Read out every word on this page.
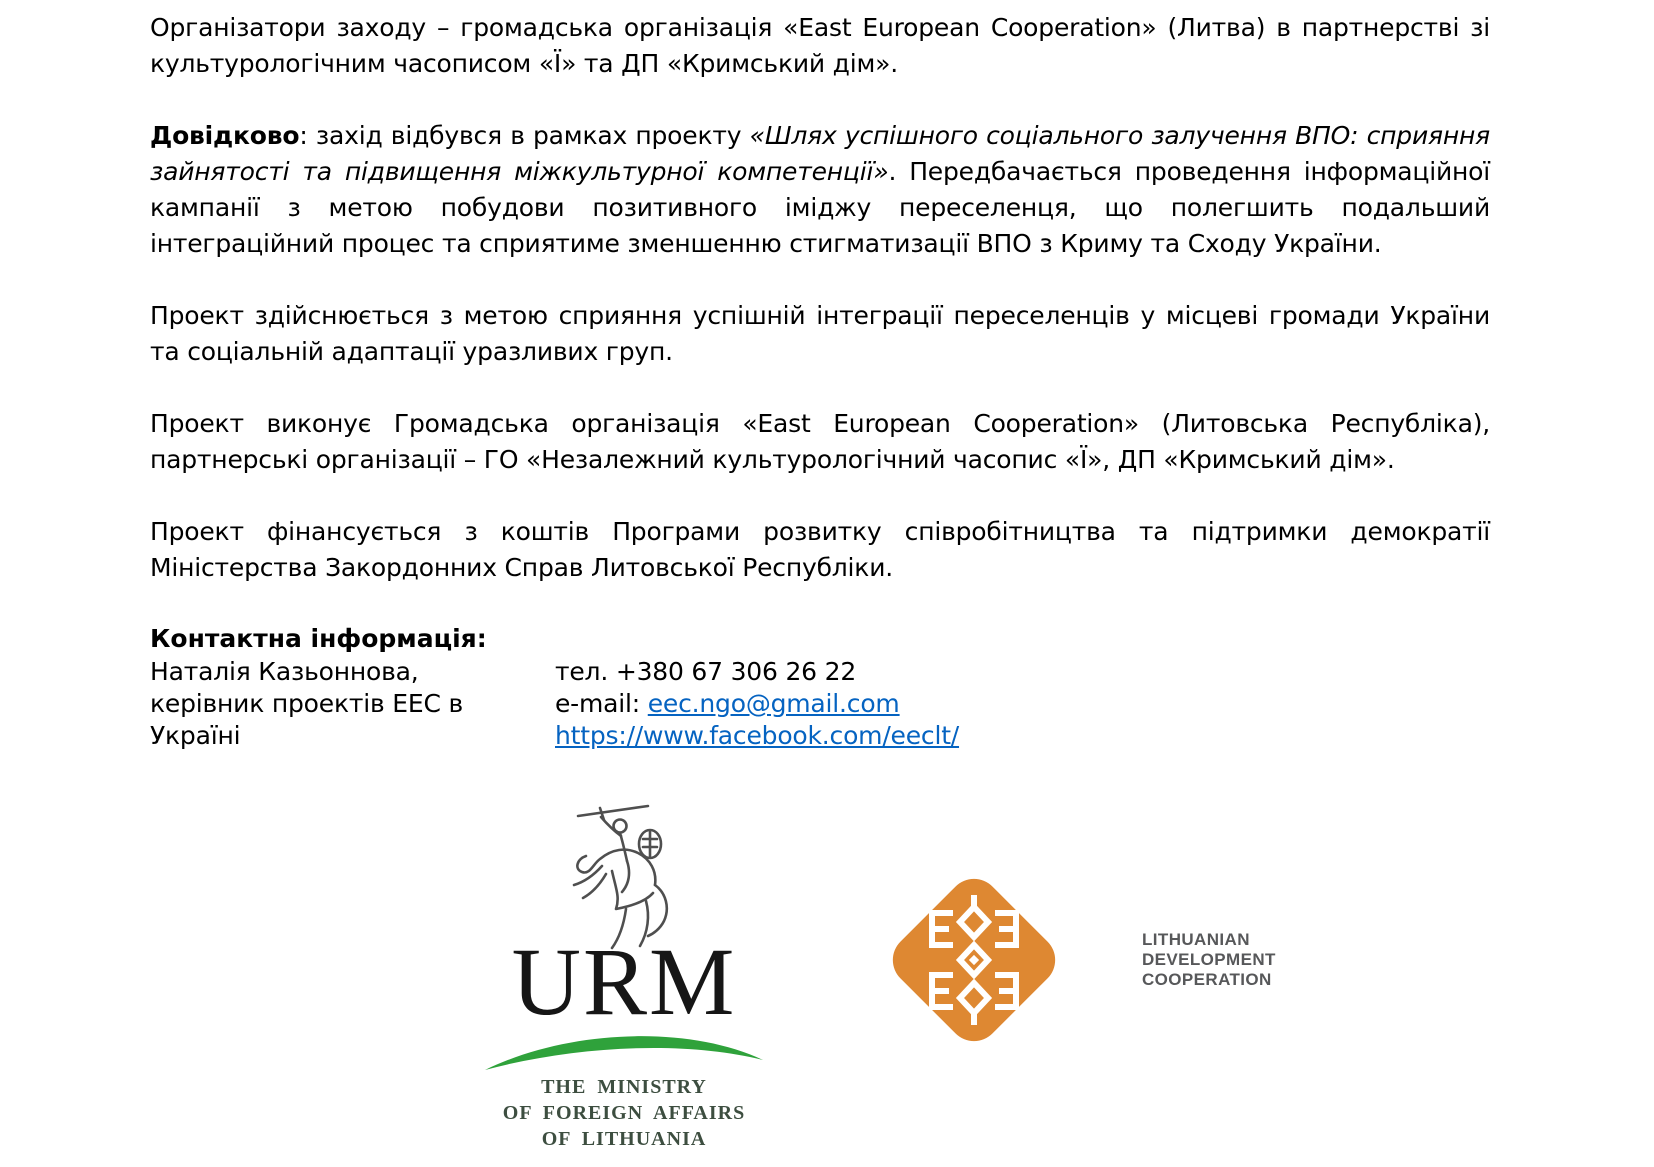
Організатори заходу – громадська організація «East European Cooperation» (Литва) в партнерстві зі культурологічним часописом «Ї» та ДП «Кримський дім».

Довідково: захід відбувся в рамках проекту «Шлях успішного соціального залучення ВПО: сприяння зайнятості та підвищення міжкультурної компетенції». Передбачається проведення інформаційної кампанії з метою побудови позитивного іміджу переселенця, що полегшить подальший інтеграційний процес та сприятиме зменшенню стигматизації ВПО з Криму та Сходу України.

Проект здійснюється з метою сприяння успішній інтеграції переселенців у місцеві громади України та соціальній адаптації уразливих груп.

Проект виконує Громадська організація «East European Cooperation» (Литовська Республіка), партнерські організації – ГО «Незалежний культурологічний часопис «Ї», ДП «Кримський дім».

Проект фінансується з коштів Програми розвитку співробітництва та підтримки демократії Міністерства Закордонних Справ Литовської Республіки.

Контактна інформація:
Наталія Казьоннова,
керівник проектів EEC в
Україні
тел. +380 67 306 26 22
e-mail: eec.ngo@gmail.com
https://www.facebook.com/eeclt/
URM
THE MINISTRY
OF FOREIGN AFFAIRS
OF LITHUANIA
LITHUANIAN
DEVELOPMENT
COOPERATION
